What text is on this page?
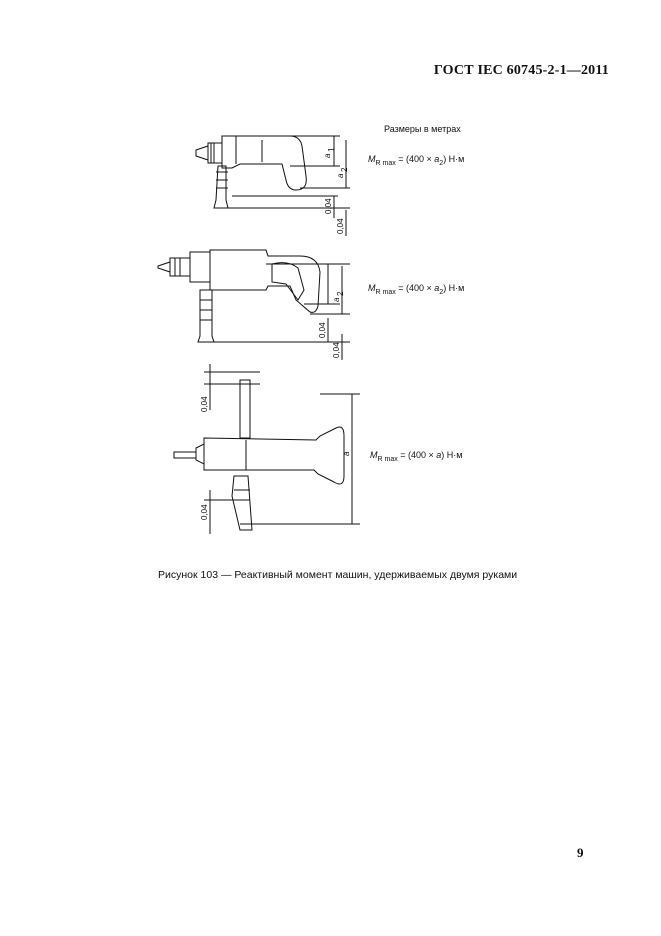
ГОСТ IEC 60745-2-1—2011
Размеры в метрах
$M_{R max} = (400 \times a_2)$ Н·м
$M_{R max} = (400 \times a_2)$ Н·м
$M_{R max} = (400 \times a)$ Н·м
a
1
a
2
0,04
0,04
a
2
0,04
0,04
0,04
a
0,04
Рисунок 103 — Реактивный момент машин, удерживаемых двумя руками
9
